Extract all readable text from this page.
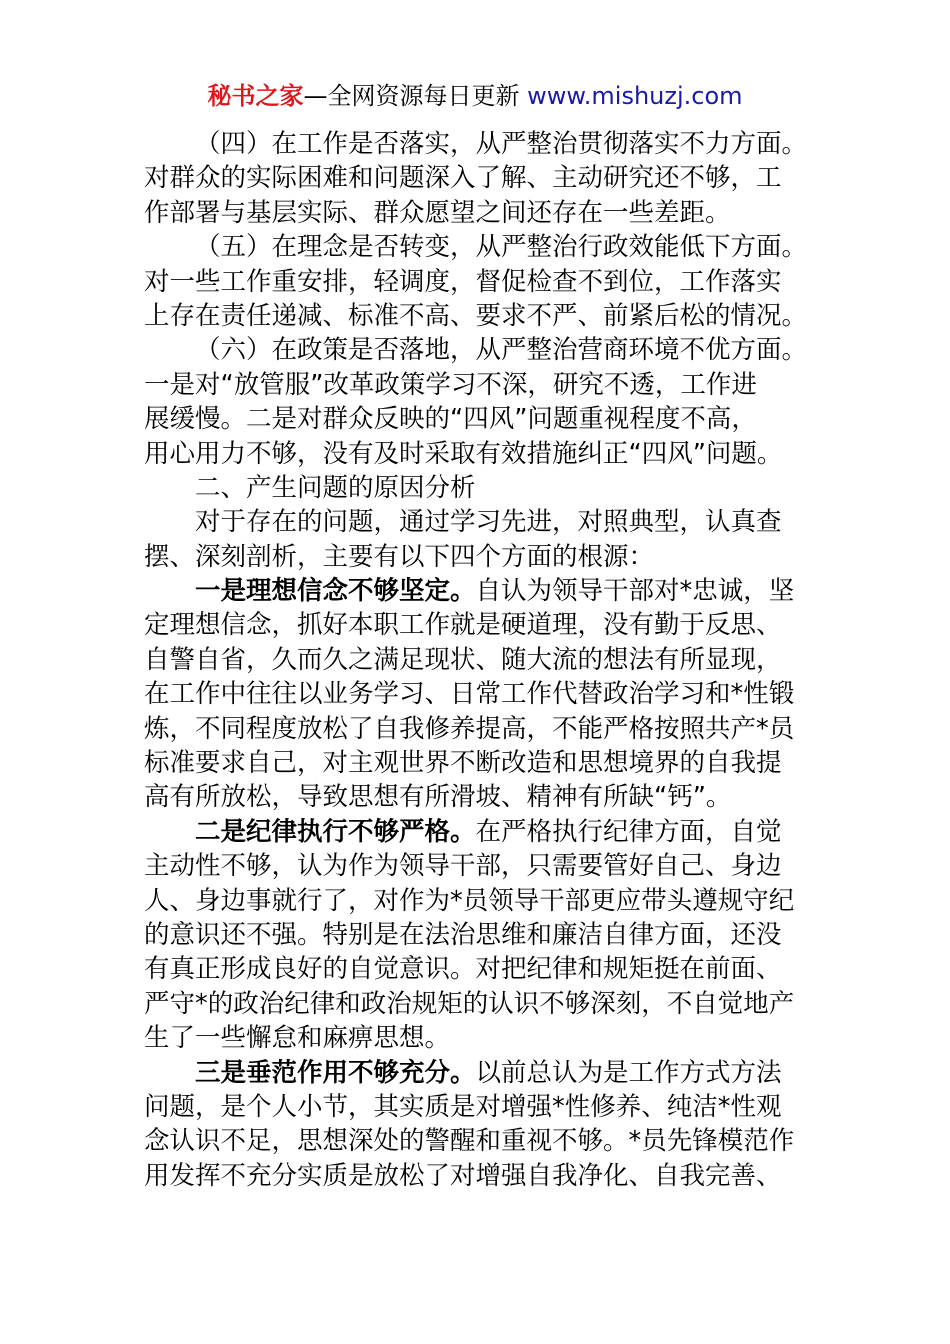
秘书之家—全网资源每日更新 www.mishuzj.com
（四）在工作是否落实，从严整治贯彻落实不力方面。
对群众的实际困难和问题深入了解、主动研究还不够，工
作部署与基层实际、群众愿望之间还存在一些差距。
（五）在理念是否转变，从严整治行政效能低下方面。
对一些工作重安排，轻调度，督促检查不到位，工作落实
上存在责任递减、标准不高、要求不严、前紧后松的情况。
（六）在政策是否落地，从严整治营商环境不优方面。
一是对“放管服”改革政策学习不深，研究不透，工作进
展缓慢。二是对群众反映的“四风”问题重视程度不高，
用心用力不够，没有及时采取有效措施纠正“四风”问题。
二、产生问题的原因分析
对于存在的问题，通过学习先进，对照典型，认真查
摆、深刻剖析，主要有以下四个方面的根源：
一是理想信念不够坚定。自认为领导干部对*忠诚，坚
定理想信念，抓好本职工作就是硬道理，没有勤于反思、
自警自省，久而久之满足现状、随大流的想法有所显现，
在工作中往往以业务学习、日常工作代替政治学习和*性锻
炼，不同程度放松了自我修养提高，不能严格按照共产*员
标准要求自己，对主观世界不断改造和思想境界的自我提
高有所放松，导致思想有所滑坡、精神有所缺“钙”。
二是纪律执行不够严格。在严格执行纪律方面，自觉
主动性不够，认为作为领导干部，只需要管好自己、身边
人、身边事就行了，对作为*员领导干部更应带头遵规守纪
的意识还不强。特别是在法治思维和廉洁自律方面，还没
有真正形成良好的自觉意识。对把纪律和规矩挺在前面、
严守*的政治纪律和政治规矩的认识不够深刻，不自觉地产
生了一些懈怠和麻痹思想。
三是垂范作用不够充分。以前总认为是工作方式方法
问题，是个人小节，其实质是对增强*性修养、纯洁*性观
念认识不足，思想深处的警醒和重视不够。*员先锋模范作
用发挥不充分实质是放松了对增强自我净化、自我完善、
